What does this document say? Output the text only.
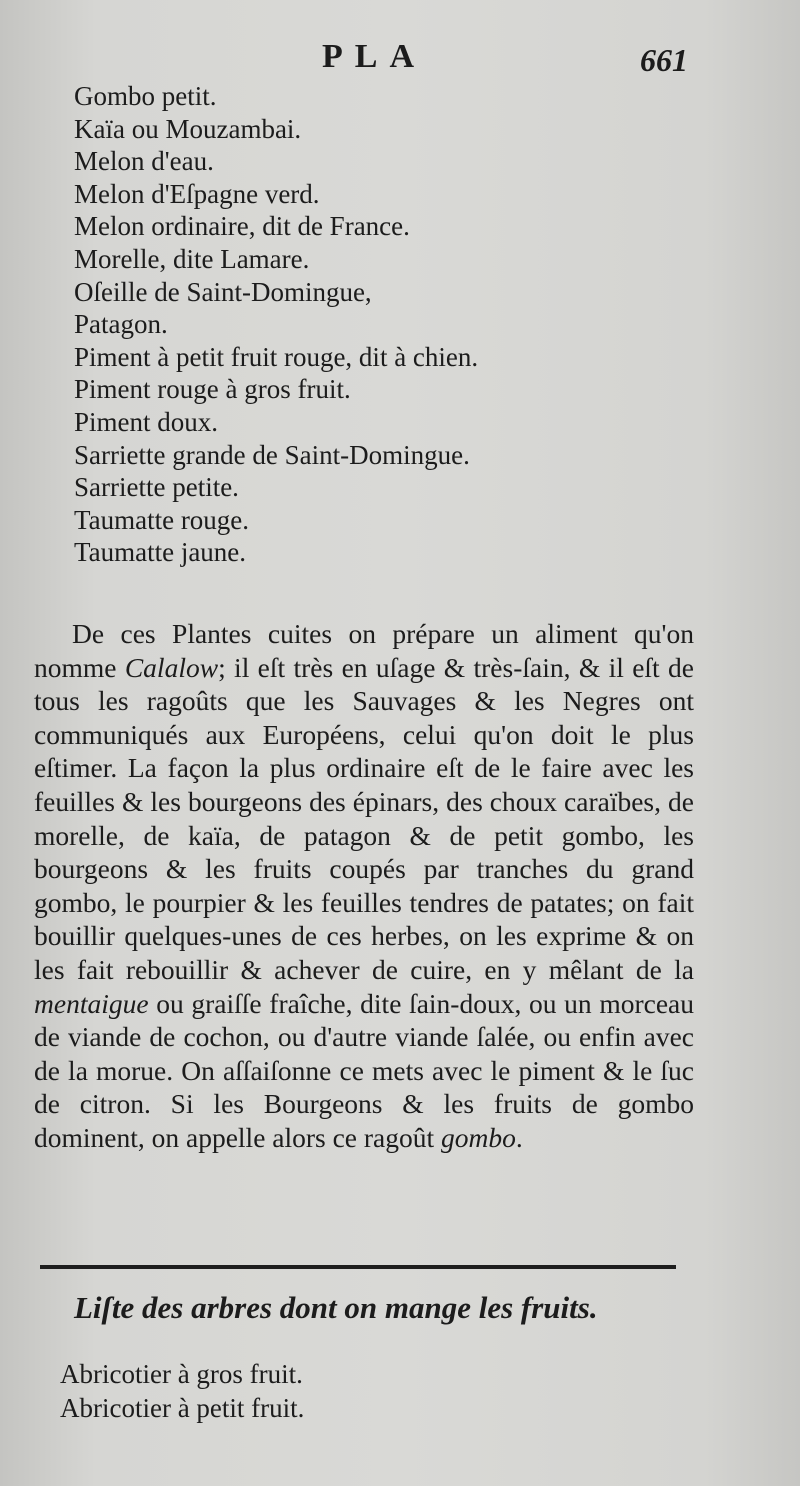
PLA	661
Gombo petit.
Kaïa ou Mouzambai.
Melon d'eau.
Melon d'Eſpagne verd.
Melon ordinaire, dit de France.
Morelle, dite Lamare.
Oſeille de Saint-Domingue,
Patagon.
Piment à petit fruit rouge, dit à chien.
Piment rouge à gros fruit.
Piment doux.
Sarriette grande de Saint-Domingue.
Sarriette petite.
Taumatte rouge.
Taumatte jaune.

De ces Plantes cuites on prépare un aliment qu'on nomme Calalow; il eſt très en uſage & très-ſain, & il eſt de tous les ragoûts que les Sauvages & les Negres ont communiqués aux Européens, celui qu'on doit le plus eſtimer. La façon la plus ordinaire eſt de le faire avec les feuilles & les bourgeons des épinars, des choux caraïbes, de morelle, de kaïa, de patagon & de petit gombo, les bourgeons & les fruits coupés par tranches du grand gombo, le pourpier & les feuilles tendres de patates; on fait bouillir quelques-unes de ces herbes, on les exprime & on les fait rebouillir & achever de cuire, en y mêlant de la mentaigue ou graiſſe fraîche, dite ſain-doux, ou un morceau de viande de cochon, ou d'autre viande ſalée, ou enfin avec de la morue. On aſſaiſonne ce mets avec le piment & le ſuc de citron. Si les Bourgeons & les fruits de gombo dominent, on appelle alors ce ragoût gombo.

Liſte des arbres dont on mange les fruits.
Abricotier à gros fruit.
Abricotier à petit fruit.
